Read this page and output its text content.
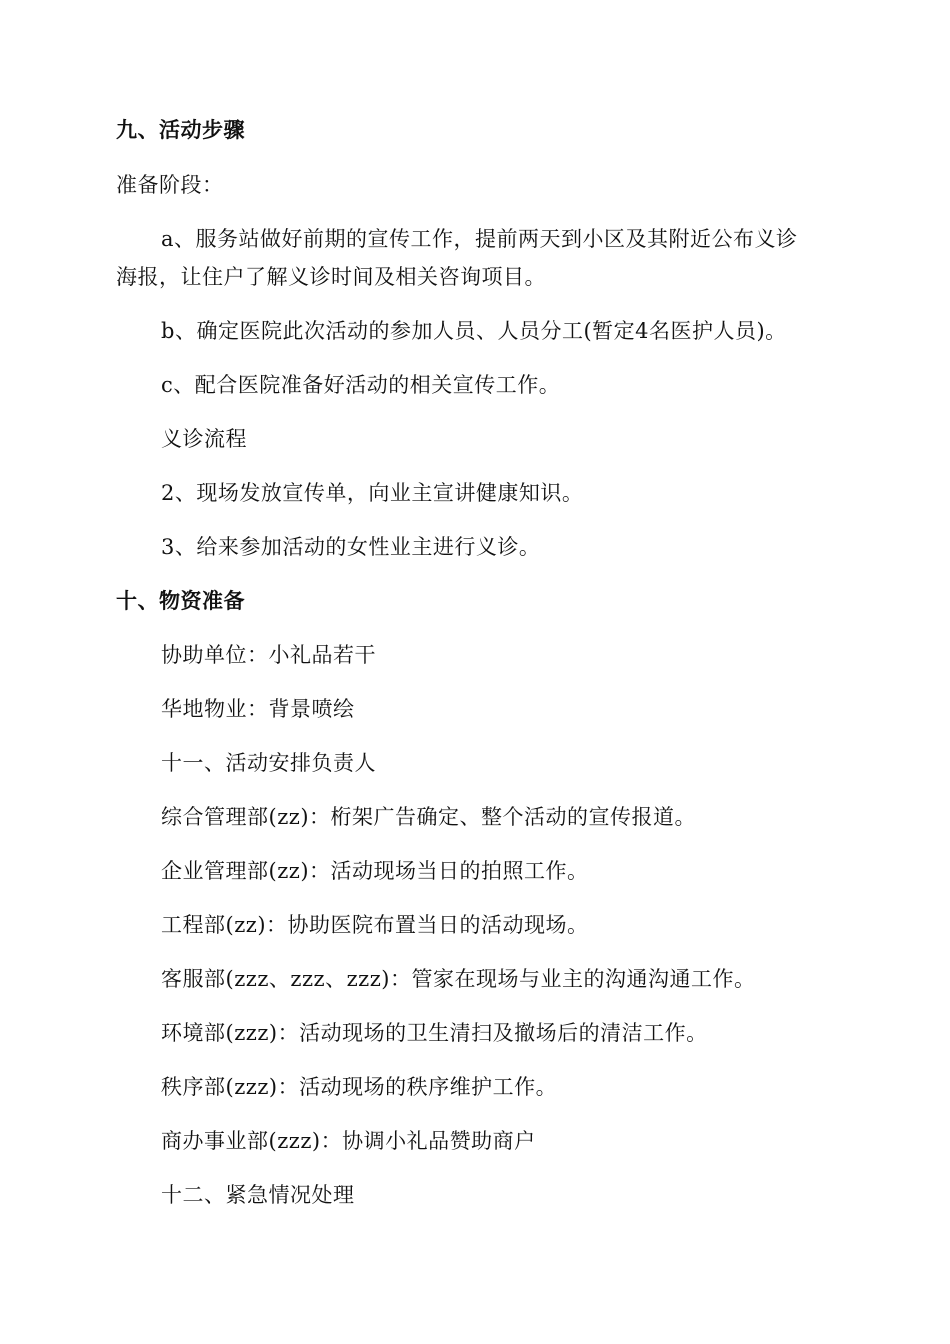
九、活动步骤
准备阶段：
a、服务站做好前期的宣传工作，提前两天到小区及其附近公布义诊
海报，让住户了解义诊时间及相关咨询项目。
b、确定医院此次活动的参加人员、人员分工(暂定4名医护人员)。
c、配合医院准备好活动的相关宣传工作。
义诊流程
2、现场发放宣传单，向业主宣讲健康知识。
3、给来参加活动的女性业主进行义诊。
十、物资准备
协助单位：小礼品若干
华地物业：背景喷绘
十一、活动安排负责人
综合管理部(zz)：桁架广告确定、整个活动的宣传报道。
企业管理部(zz)：活动现场当日的拍照工作。
工程部(zz)：协助医院布置当日的活动现场。
客服部(zzz、zzz、zzz)：管家在现场与业主的沟通沟通工作。
环境部(zzz)：活动现场的卫生清扫及撤场后的清洁工作。
秩序部(zzz)：活动现场的秩序维护工作。
商办事业部(zzz)：协调小礼品赞助商户
十二、紧急情况处理
